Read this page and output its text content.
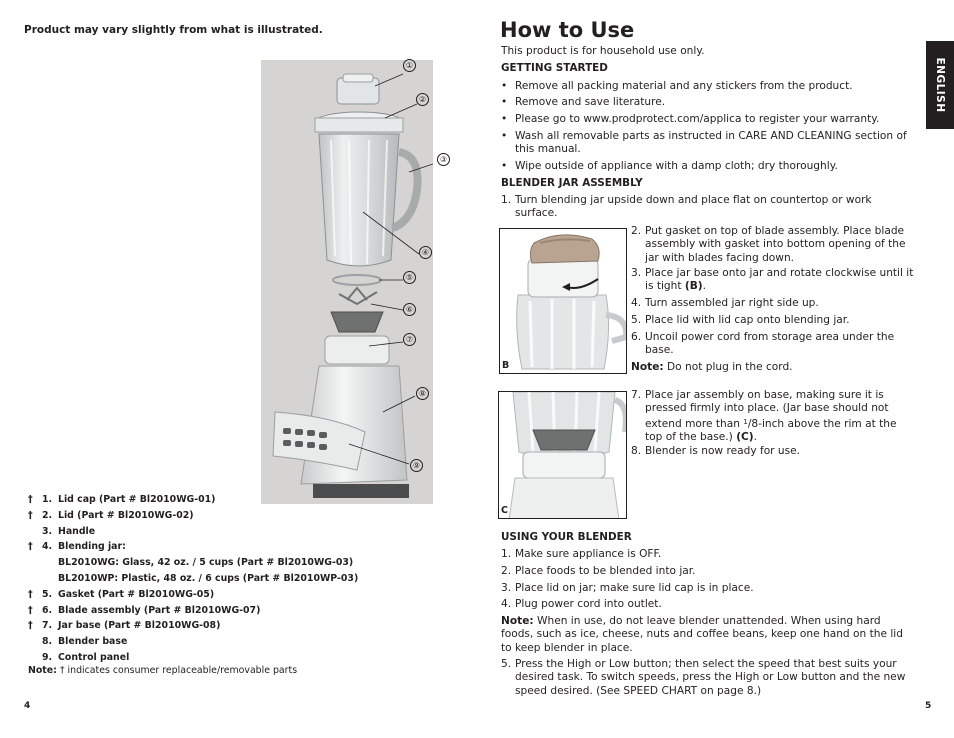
Product may vary slightly from what is illustrated.
①
②
③
④
⑤
⑥
⑦
⑧
⑨
† 1. Lid cap (Part # Bl2010WG-01)
† 2. Lid (Part # Bl2010WG-02)
3. Handle
† 4. Blending jar:
BL2010WG: Glass, 42 oz. / 5 cups (Part # Bl2010WG-03)
BL2010WP: Plastic, 48 oz. / 6 cups (Part # Bl2010WP-03)
† 5. Gasket (Part # Bl2010WG-05)
† 6. Blade assembly (Part # Bl2010WG-07)
† 7. Jar base (Part # Bl2010WG-08)
8. Blender base
9. Control panel
Note: † indicates consumer replaceable/removable parts
4
How to Use
This product is for household use only.
GETTING STARTED
• Remove all packing material and any stickers from the product.
• Remove and save literature.
• Please go to www.prodprotect.com/applica to register your warranty.
• Wash all removable parts as instructed in CARE AND CLEANING section of this manual.
• Wipe outside of appliance with a damp cloth; dry thoroughly.
BLENDER JAR ASSEMBLY
1. Turn blending jar upside down and place flat on countertop or work surface.
B
2. Put gasket on top of blade assembly. Place blade assembly with gasket into bottom opening of the jar with blades facing down.
3. Place jar base onto jar and rotate clockwise until it is tight (B).
4. Turn assembled jar right side up.
5. Place lid with lid cap onto blending jar.
6. Uncoil power cord from storage area under the base.
Note: Do not plug in the cord.
C
7. Place jar assembly on base, making sure it is pressed firmly into place. (Jar base should not extend more than $^1$/8-inch above the rim at the top of the base.) (C).
8. Blender is now ready for use.
USING YOUR BLENDER
1. Make sure appliance is OFF.
2. Place foods to be blended into jar.
3. Place lid on jar; make sure lid cap is in place.
4. Plug power cord into outlet.
Note: When in use, do not leave blender unattended. When using hard foods, such as ice, cheese, nuts and coffee beans, keep one hand on the lid to keep blender in place.
5. Press the High or Low button; then select the speed that best suits your desired task. To switch speeds, press the High or Low button and the new speed desired. (See SPEED CHART on page 8.)
5
ENGLISH
